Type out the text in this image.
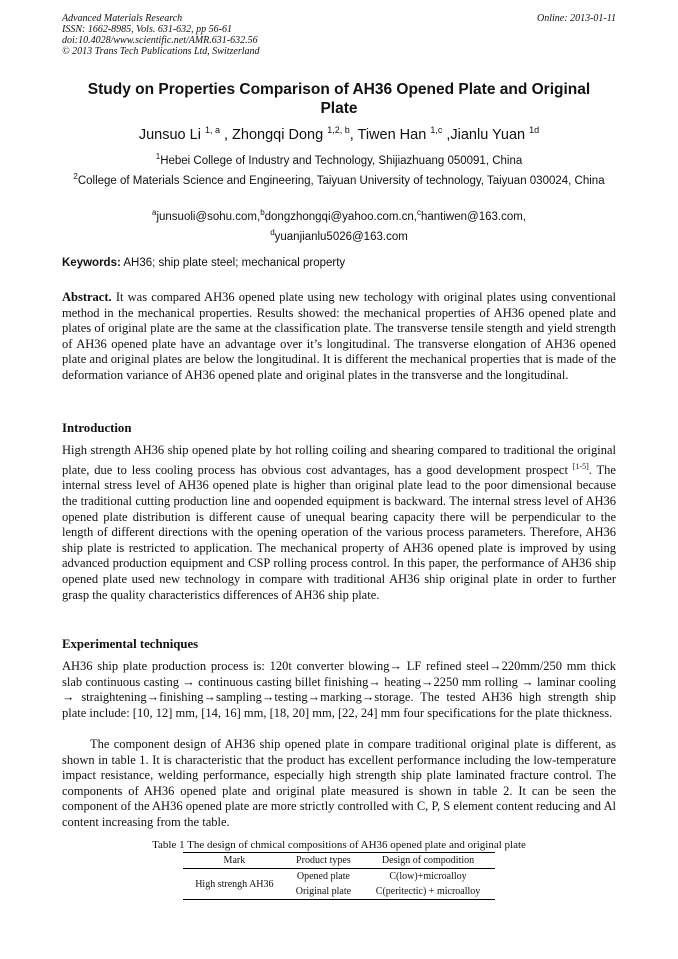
Advanced Materials Research
ISSN: 1662-8985, Vols. 631-632, pp 56-61
doi:10.4028/www.scientific.net/AMR.631-632.56
© 2013 Trans Tech Publications Ltd, Switzerland
Online: 2013-01-11
Study on Properties Comparison of AH36 Opened Plate and Original Plate
Junsuo Li $^{1, a}$ , Zhongqi Dong $^{1,2, b}$, Tiwen Han $^{1,c}$ ,Jianlu Yuan $^{1d}$
$^1$Hebei College of Industry and Technology, Shijiazhuang 050091, China
$^2$College of Materials Science and Engineering, Taiyuan University of technology, Taiyuan 030024, China
$^a$junsuoli@sohu.com,$^b$dongzhongqi@yahoo.com.cn,$^c$hantiwen@163.com, $^d$yuanjianlu5026@163.com
Keywords: AH36; ship plate steel; mechanical property
Abstract. It was compared AH36 opened plate using new techology with original plates using conventional method in the mechanical properties. Results showed: the mechanical properties of AH36 opened plate and plates of original plate are the same at the classification plate. The transverse tensile stength and yield strength of AH36 opened plate have an advantage over it’s longitudinal. The transverse elongation of AH36 opened plate and original plates are below the longitudinal. It is different the mechanical properties that is made of the deformation variance of AH36 opened plate and original plates in the transverse and the longitudinal.
Introduction
High strength AH36 ship opened plate by hot rolling coiling and shearing compared to traditional the original plate, due to less cooling process has obvious cost advantages, has a good development prospect [1-5]. The internal stress level of AH36 opened plate is higher than original plate lead to the poor dimensional because the traditional cutting production line and oopended equipment is backward. The internal stress level of AH36 opened plate distribution is different cause of unequal bearing capacity there will be perpendicular to the length of different directions with the opening operation of the various process parameters. Therefore, AH36 ship plate is restricted to application. The mechanical property of AH36 opened plate is improved by using advanced production equipment and CSP rolling process control. In this paper, the performance of AH36 ship opened plate used new technology in compare with traditional AH36 ship original plate in order to further grasp the quality characteristics differences of AH36 ship plate.
Experimental techniques
AH36 ship plate production process is: 120t converter blowing→ LF refined steel→220mm/250 mm thick slab continuous casting → continuous casting billet finishing→ heating→2250 mm rolling → laminar cooling → straightening→finishing→sampling→testing→marking→storage. The tested AH36 high strength ship plate include: [10, 12] mm, [14, 16] mm, [18, 20] mm, [22, 24] mm four specifications for the plate thickness.
The component design of AH36 ship opened plate in compare traditional original plate is different, as shown in table 1. It is characteristic that the product has excellent performance including the low-temperature impact resistance, welding performance, especially high strength ship plate laminated fracture control. The components of AH36 opened plate and original plate measured is shown in table 2. It can be seen the component of the AH36 opened plate are more strictly controlled with C, P, S element content reducing and Al content increasing from the table.
Table 1 The design of chmical compositions of AH36 opened plate and original plate
Mark	Product types	Design of compodition
High strengh AH36	Opened plate	C(low)+microalloy
	Original plate	C(peritectic) + microalloy
